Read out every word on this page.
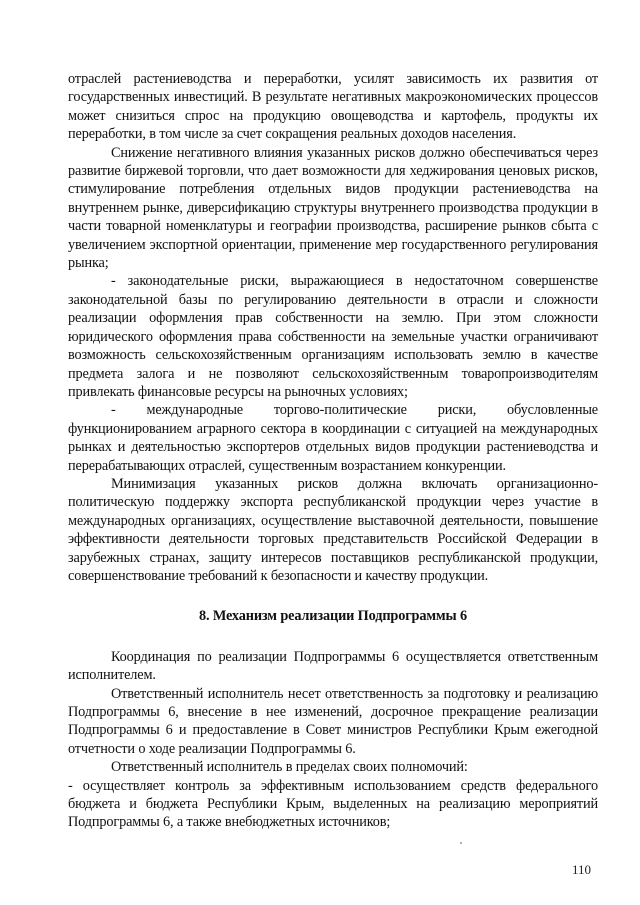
отраслей растениеводства и переработки, усилят зависимость их развития от государственных инвестиций. В результате негативных макроэкономических процессов может снизиться спрос на продукцию овощеводства и картофель, продукты их переработки, в том числе за счет сокращения реальных доходов населения.

Снижение негативного влияния указанных рисков должно обеспечиваться через развитие биржевой торговли, что дает возможности для хеджирования ценовых рисков, стимулирование потребления отдельных видов продукции растениеводства на внутреннем рынке, диверсификацию структуры внутреннего производства продукции в части товарной номенклатуры и географии производства, расширение рынков сбыта с увеличением экспортной ориентации, применение мер государственного регулирования рынка;

- законодательные риски, выражающиеся в недостаточном совершенстве законодательной базы по регулированию деятельности в отрасли и сложности реализации оформления прав собственности на землю. При этом сложности юридического оформления права собственности на земельные участки ограничивают возможность сельскохозяйственным организациям использовать землю в качестве предмета залога и не позволяют сельскохозяйственным товаропроизводителям привлекать финансовые ресурсы на рыночных условиях;

- международные торгово-политические риски, обусловленные функционированием аграрного сектора в координации с ситуацией на международных рынках и деятельностью экспортеров отдельных видов продукции растениеводства и перерабатывающих отраслей, существенным возрастанием конкуренции.

Минимизация указанных рисков должна включать организационно-политическую поддержку экспорта республиканской продукции через участие в международных организациях, осуществление выставочной деятельности, повышение эффективности деятельности торговых представительств Российской Федерации в зарубежных странах, защиту интересов поставщиков республиканской продукции, совершенствование требований к безопасности и качеству продукции.

8. Механизм реализации Подпрограммы 6

Координация по реализации Подпрограммы 6 осуществляется ответственным исполнителем.

Ответственный исполнитель несет ответственность за подготовку и реализацию Подпрограммы 6, внесение в нее изменений, досрочное прекращение реализации Подпрограммы 6 и предоставление в Совет министров Республики Крым ежегодной отчетности о ходе реализации Подпрограммы 6.

Ответственный исполнитель в пределах своих полномочий:

- осуществляет контроль за эффективным использованием средств федерального бюджета и бюджета Республики Крым, выделенных на реализацию мероприятий Подпрограммы 6, а также внебюджетных источников;

110
